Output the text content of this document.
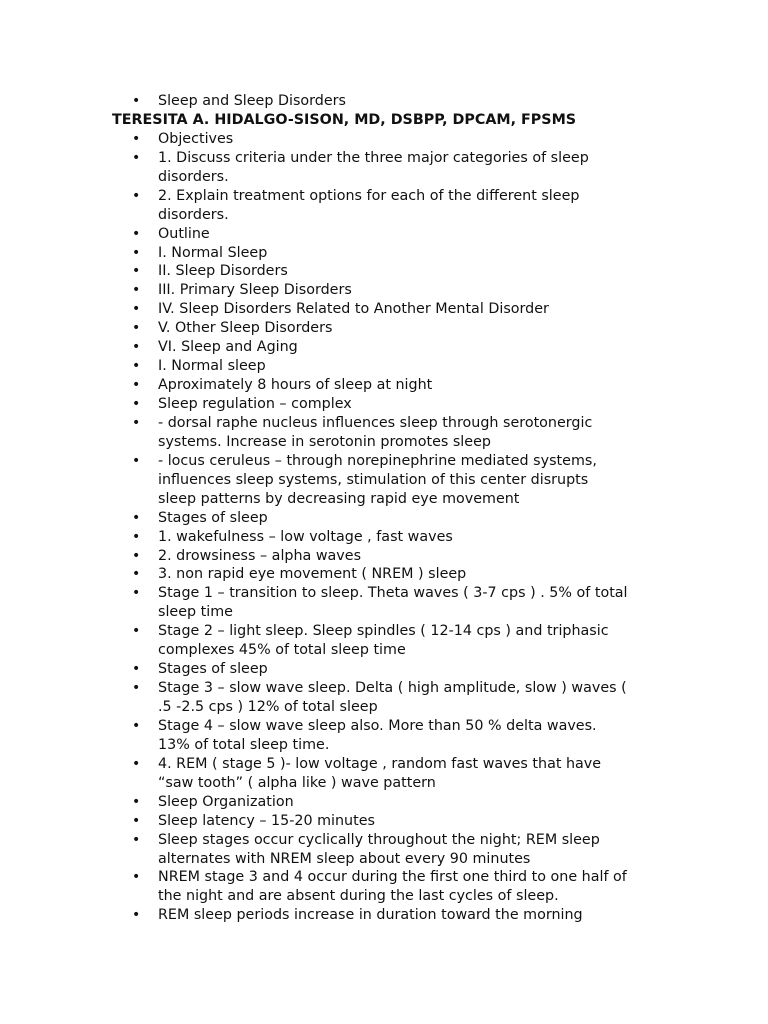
• Sleep and Sleep Disorders
TERESITA A. HIDALGO-SISON, MD, DSBPP, DPCAM, FPSMS
• Objectives
• 1. Discuss criteria under the three major categories of sleep
disorders.
• 2. Explain treatment options for each of the different sleep
disorders.
• Outline
• I. Normal Sleep
• II. Sleep Disorders
• III. Primary Sleep Disorders
• IV. Sleep Disorders Related to Another Mental Disorder
• V. Other Sleep Disorders
• VI. Sleep and Aging
• I. Normal sleep
• Aproximately 8 hours of sleep at night
• Sleep regulation – complex
• - dorsal raphe nucleus influences sleep through serotonergic
systems. Increase in serotonin promotes sleep
• - locus ceruleus – through norepinephrine mediated systems,
influences sleep systems, stimulation of this center disrupts
sleep patterns by decreasing rapid eye movement
• Stages of sleep
• 1. wakefulness – low voltage , fast waves
• 2. drowsiness – alpha waves
• 3. non rapid eye movement ( NREM ) sleep
• Stage 1 – transition to sleep. Theta waves ( 3-7 cps ) . 5% of total
sleep time
• Stage 2 – light sleep. Sleep spindles ( 12-14 cps ) and triphasic
complexes 45% of total sleep time
• Stages of sleep
• Stage 3 – slow wave sleep. Delta ( high amplitude, slow ) waves (
.5 -2.5 cps ) 12% of total sleep
• Stage 4 – slow wave sleep also. More than 50 % delta waves.
13% of total sleep time.
• 4. REM ( stage 5 )- low voltage , random fast waves that have
“saw tooth” ( alpha like ) wave pattern
• Sleep Organization
• Sleep latency – 15-20 minutes
• Sleep stages occur cyclically throughout the night; REM sleep
alternates with NREM sleep about every 90 minutes
• NREM stage 3 and 4 occur during the first one third to one half of
the night and are absent during the last cycles of sleep.
• REM sleep periods increase in duration toward the morning
